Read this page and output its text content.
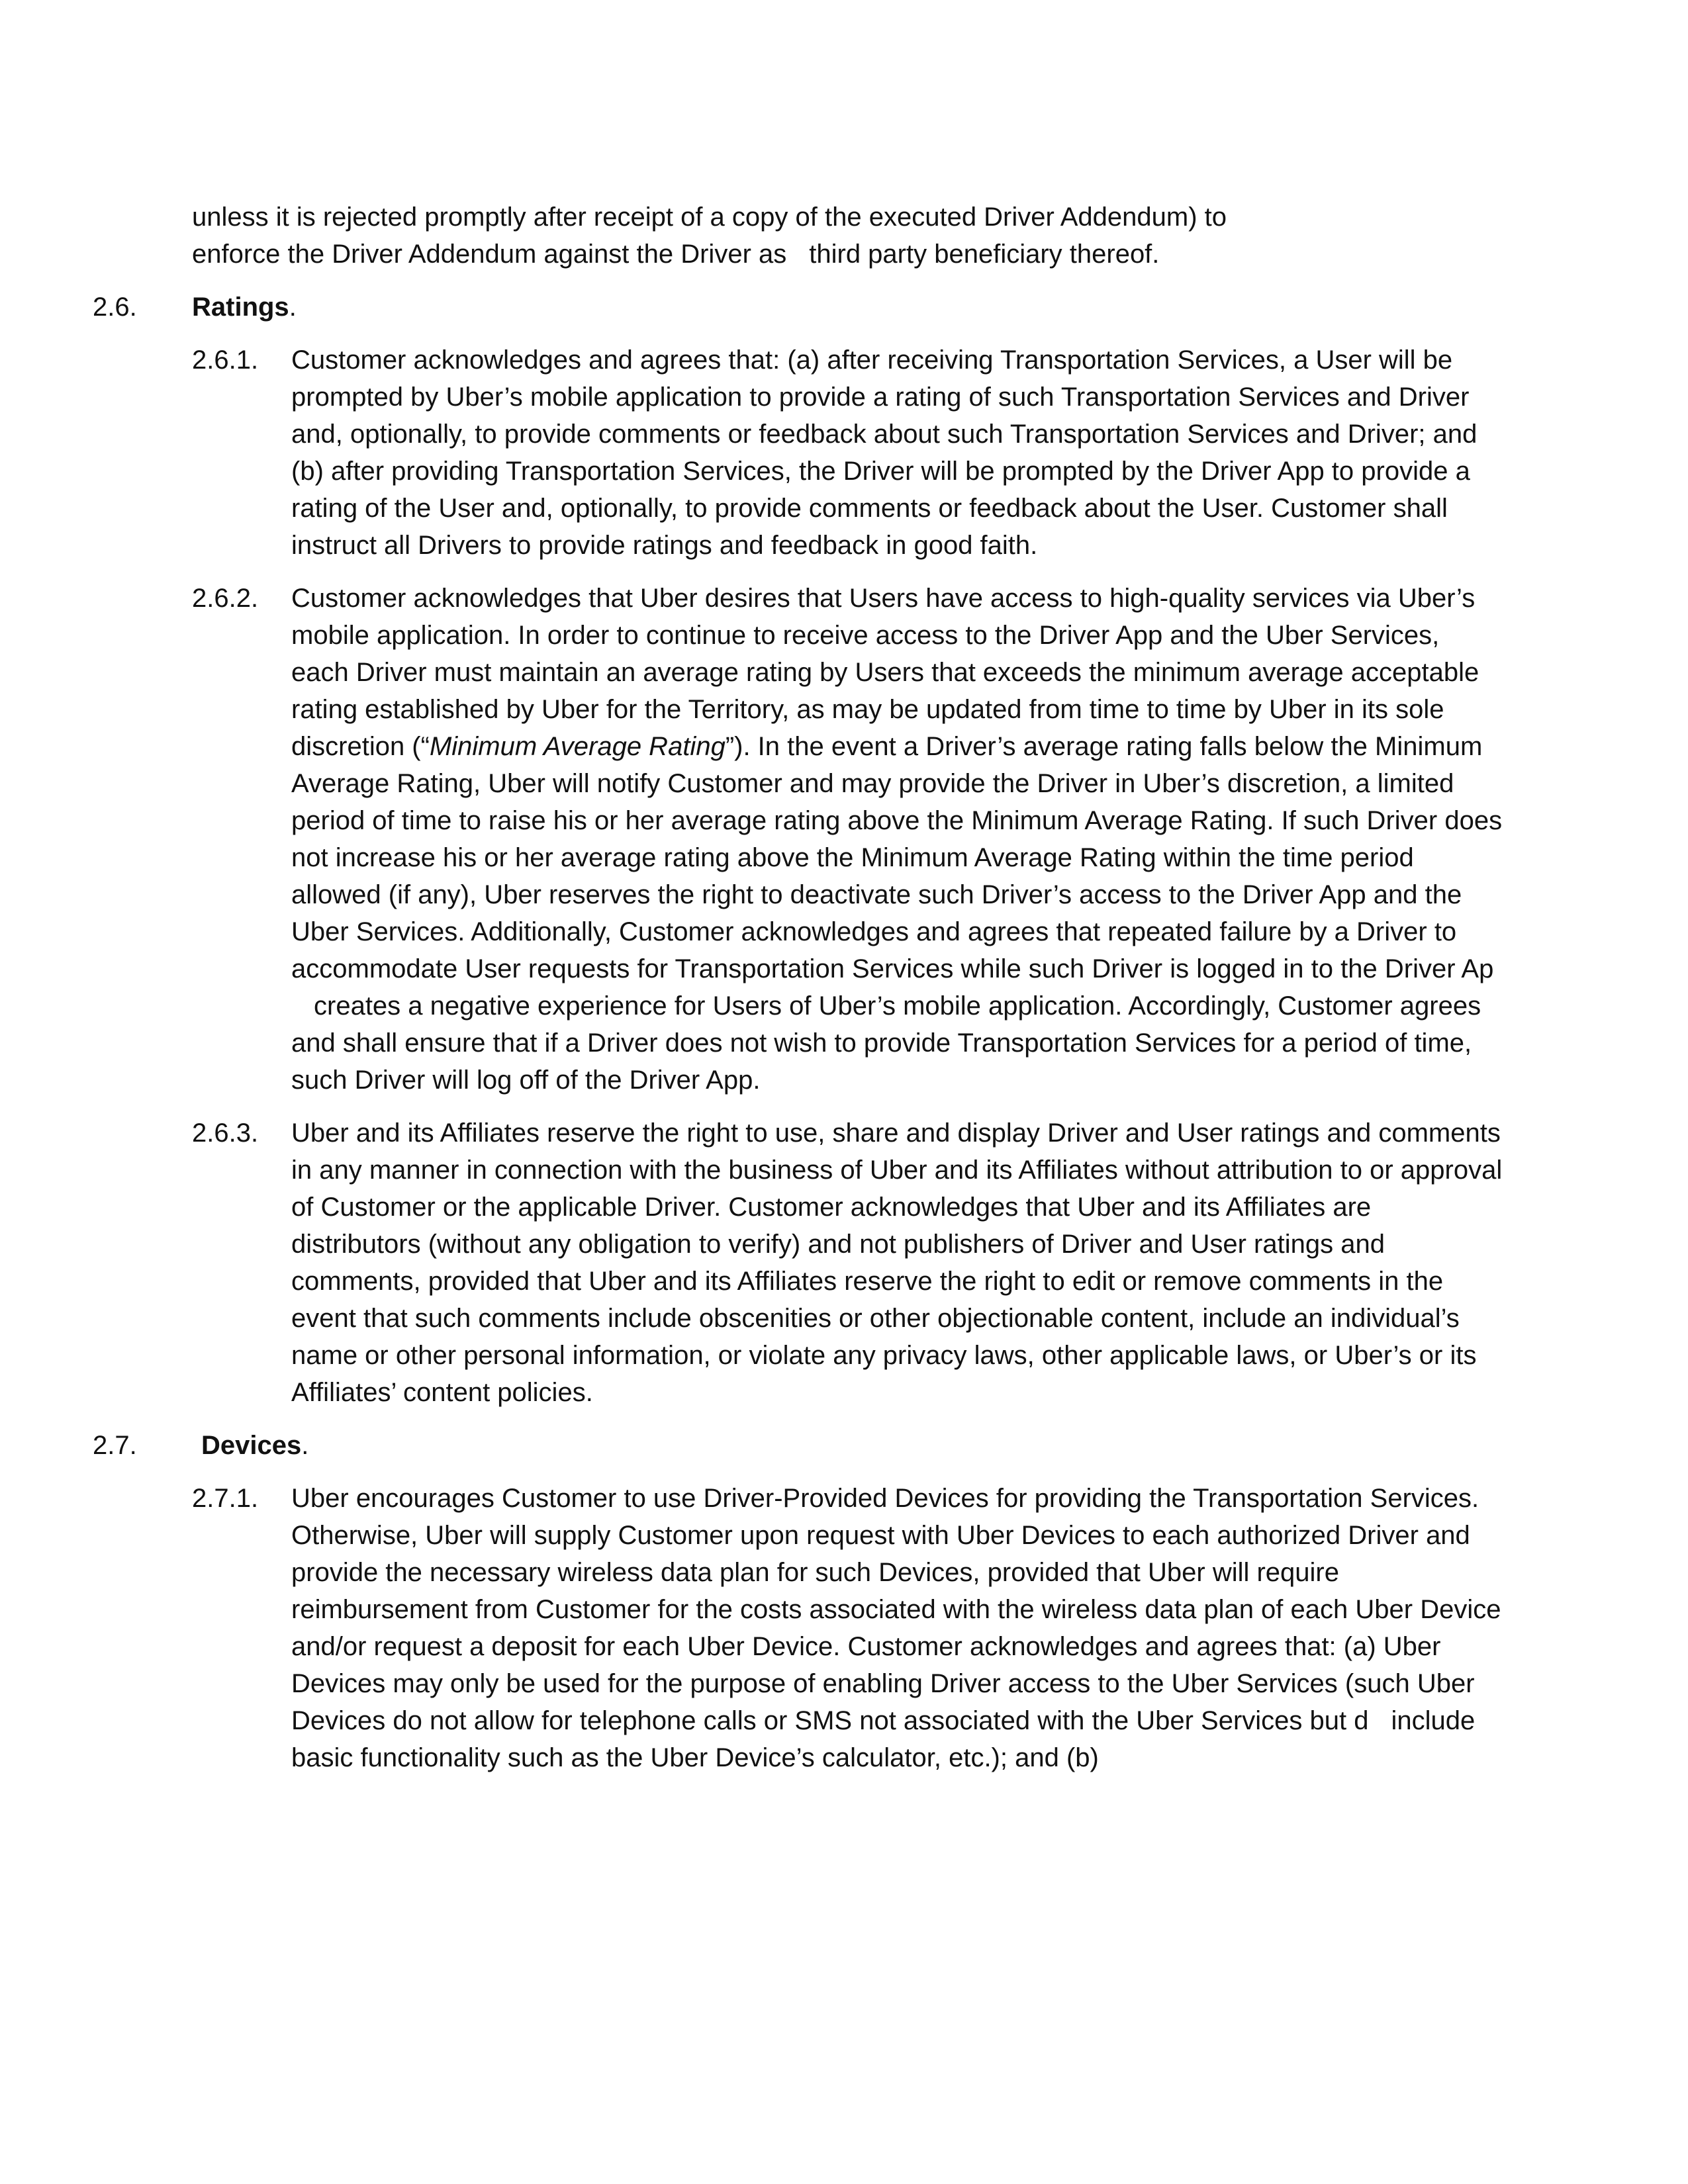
unless it is rejected promptly after receipt of a copy of the executed Driver Addendum) to
enforce the Driver Addendum against the Driver as third party beneficiary thereof.

2.6. Ratings.
2.6.1. Customer acknowledges and agrees that: (a) after receiving Transportation Services, a User will be prompted by Uber’s mobile application to provide a rating of such Transportation Services and Driver and, optionally, to provide comments or feedback about such Transportation Services and Driver; and (b) after providing Transportation Services, the Driver will be prompted by the Driver App to provide a rating of the User and, optionally, to provide comments or feedback about the User. Customer shall instruct all Drivers to provide ratings and feedback in good faith.
2.6.2. Customer acknowledges that Uber desires that Users have access to high-quality services via Uber’s mobile application. In order to continue to receive access to the Driver App and the Uber Services, each Driver must maintain an average rating by Users that exceeds the minimum average acceptable rating established by Uber for the Territory, as may be updated from time to time by Uber in its sole discretion (“Minimum Average Rating”). In the event a Driver’s average rating falls below the Minimum Average Rating, Uber will notify Customer and may provide the Driver in Uber’s discretion, a limited period of time to raise his or her average rating above the Minimum Average Rating. If such Driver does not increase his or her average rating above the Minimum Average Rating within the time period allowed (if any), Uber reserves the right to deactivate such Driver’s access to the Driver App and the Uber Services. Additionally, Customer acknowledges and agrees that repeated failure by a Driver to accommodate User requests for Transportation Services while such Driver is logged in to the Driver Apcreates a negative experience for Users of Uber’s mobile application. Accordingly, Customer agrees and shall ensure that if a Driver does not wish to provide Transportation Services for a period of time, such Driver will log off of the Driver App.
2.6.3. Uber and its Affiliates reserve the right to use, share and display Driver and User ratings and comments in any manner in connection with the business of Uber and its Affiliates without attribution to or approval of Customer or the applicable Driver. Customer acknowledges that Uber and its Affiliates are distributors (without any obligation to verify) and not publishers of Driver and User ratings and comments, provided that Uber and its Affiliates reserve the right to edit or remove comments in the event that such comments include obscenities or other objectionable content, include an individual’s name or other personal information, or violate any privacy laws, other applicable laws, or Uber’s or its Affiliates’ content policies.
2.7.	Devices.
2.7.1. Uber encourages Customer to use Driver-Provided Devices for providing the Transportation Services. Otherwise, Uber will supply Customer upon request with Uber Devices to each authorized Driver and provide the necessary wireless data plan for such Devices, provided that Uber will require reimbursement from Customer for the costs associated with the wireless data plan of each Uber Device and/or request a deposit for each Uber Device. Customer acknowledges and agrees that: (a) Uber Devices may only be used for the purpose of enabling Driver access to the Uber Services (such Uber Devices do not allow for telephone calls or SMS not associated with the Uber Services but d include basic functionality such as the Uber Device’s calculator, etc.); and (b)
